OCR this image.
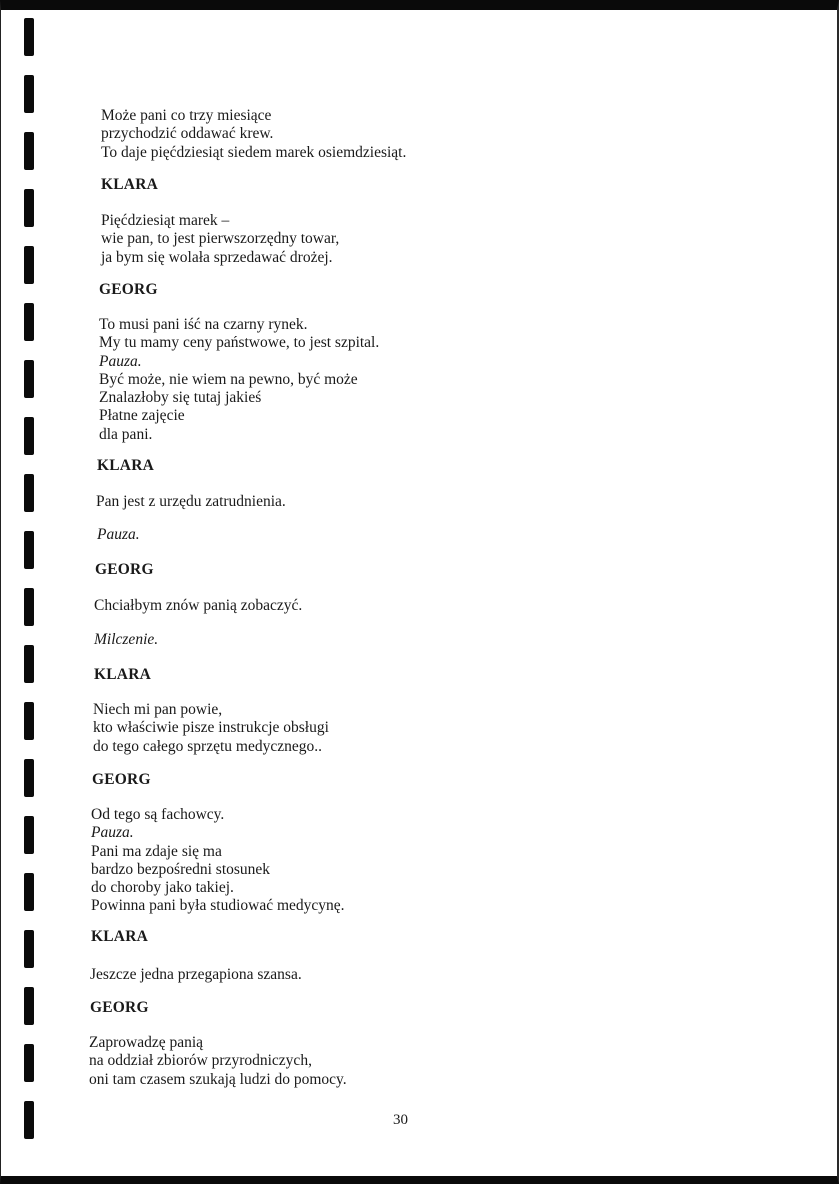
Może pani co trzy miesiące
przychodzić oddawać krew.
To daje pięćdziesiąt siedem marek osiemdziesiąt.
KLARA
Pięćdziesiąt marek –
wie pan, to jest pierwszorzędny towar,
ja bym się wolała sprzedawać drożej.
GEORG
To musi pani iść na czarny rynek.
My tu mamy ceny państwowe, to jest szpital.
Pauza.
Być może, nie wiem na pewno, być może
Znalazłoby się tutaj jakieś
Płatne zajęcie
dla pani.
KLARA
Pan jest z urzędu zatrudnienia.
Pauza.
GEORG
Chciałbym znów panią zobaczyć.
Milczenie.
KLARA
Niech mi pan powie,
kto właściwie pisze instrukcje obsługi
do tego całego sprzętu medycznego..
GEORG
Od tego są fachowcy.
Pauza.
Pani ma zdaje się ma
bardzo bezpośredni stosunek
do choroby jako takiej.
Powinna pani była studiować medycynę.
KLARA
Jeszcze jedna przegapiona szansa.
GEORG
Zaprowadzę panią
na oddział zbiorów przyrodniczych,
oni tam czasem szukają ludzi do pomocy.
30
